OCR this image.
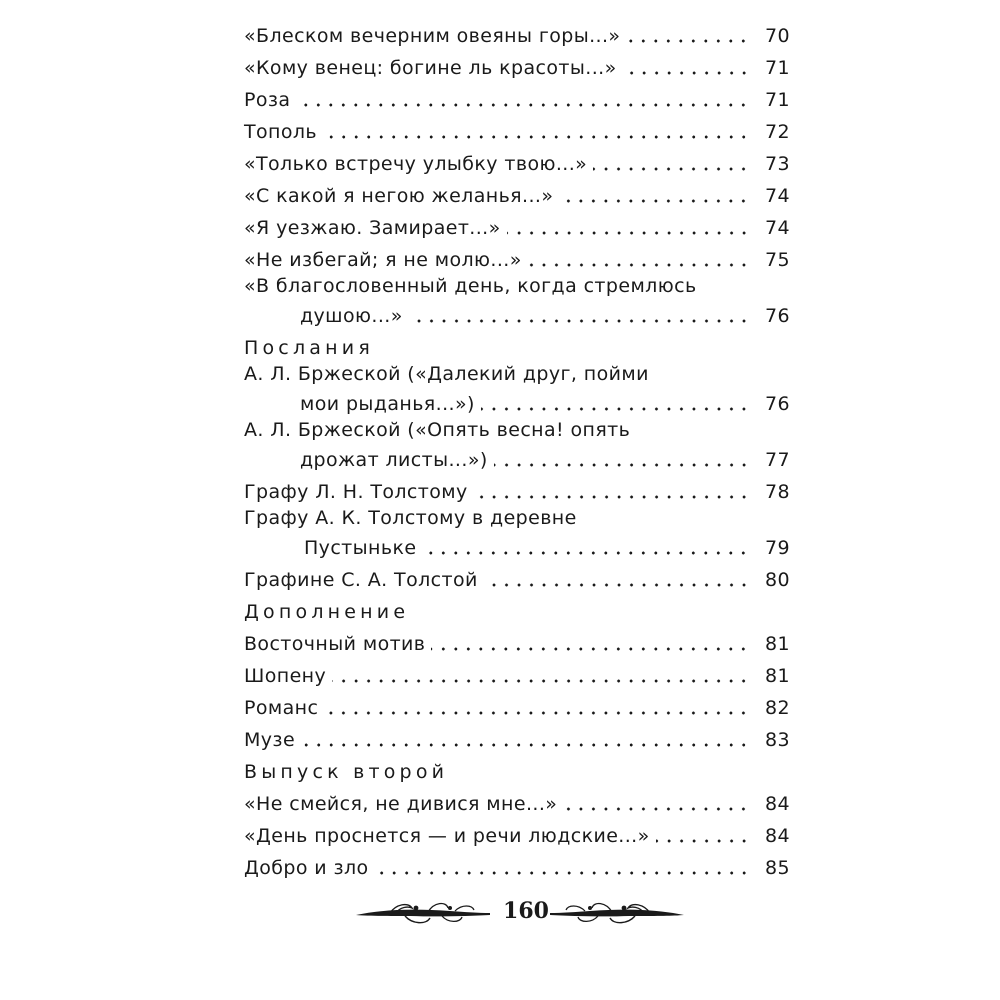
«Блеском вечерним овеяны горы...»	70
«Кому венец: богине ль красоты...»	71
Роза	71
Тополь	72
«Только встречу улыбку твою...»	73
«С какой я негою желанья...»	74
«Я уезжаю. Замирает...»	74
«Не избегай; я не молю...»	75
«В благословенный день, когда стремлюсь
душою...»	76
Послания
А. Л. Бржеской («Далекий друг, пойми
мои рыданья...»)	76
А. Л. Бржеской («Опять весна! опять
дрожат листы...»)	77
Графу Л. Н. Толстому	78
Графу А. К. Толстому в деревне
Пустыньке	79
Графине С. А. Толстой	80
Дополнение
Восточный мотив	81
Шопену	81
Романс	82
Музе	83
Выпуск второй
«Не смейся, не дивися мне...»	84
«День проснется — и речи людские...»	84
Добро и зло	85
160
